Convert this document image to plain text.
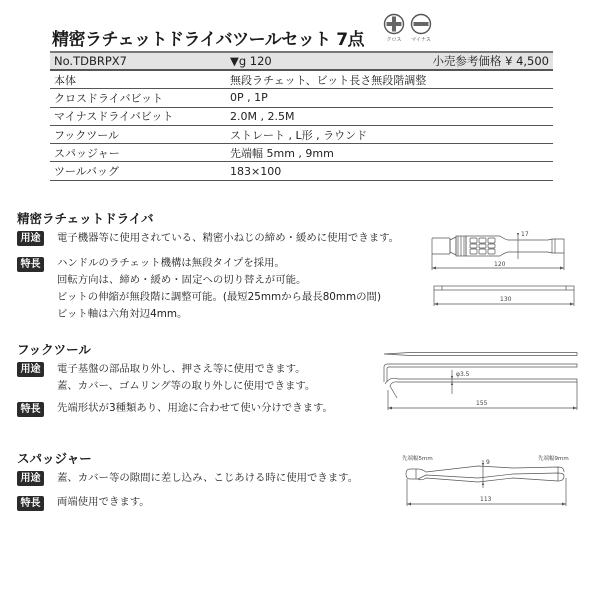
精密ラチェットドライバツールセット 7点	クロス	マイナス
No.TDBRPX7	▼g 120	小売参考価格 ¥ 4,500
本体	無段ラチェット、ビット長さ無段階調整
クロスドライバビット	0P , 1P
マイナスドライバビット	2.0M , 2.5M
フックツール	ストレート , L形 , ラウンド
スパッジャー	先端幅 5mm , 9mm
ツールバッグ	183×100
精密ラチェットドライバ
用途	電子機器等に使用されている、精密小ねじの締め・緩めに使用できます。
特長	ハンドルのラチェット機構は無段タイプを採用。
回転方向は、締め・緩め・固定への切り替えが可能。
ビットの伸縮が無段階に調整可能。(最短25mmから最長80mmの間)
ビット軸は六角対辺4mm。
17
120
130
フックツール
用途	電子基盤の部品取り外し、押さえ等に使用できます。
蓋、カバー、ゴムリング等の取り外しに使用できます。
特長	先端形状が3種類あり、用途に合わせて使い分けできます。
φ3.5
155
スパッジャー
用途	蓋、カバー等の隙間に差し込み、こじあける時に使用できます。
特長	両端使用できます。
先端幅5mm	先端幅9mm
9
113
